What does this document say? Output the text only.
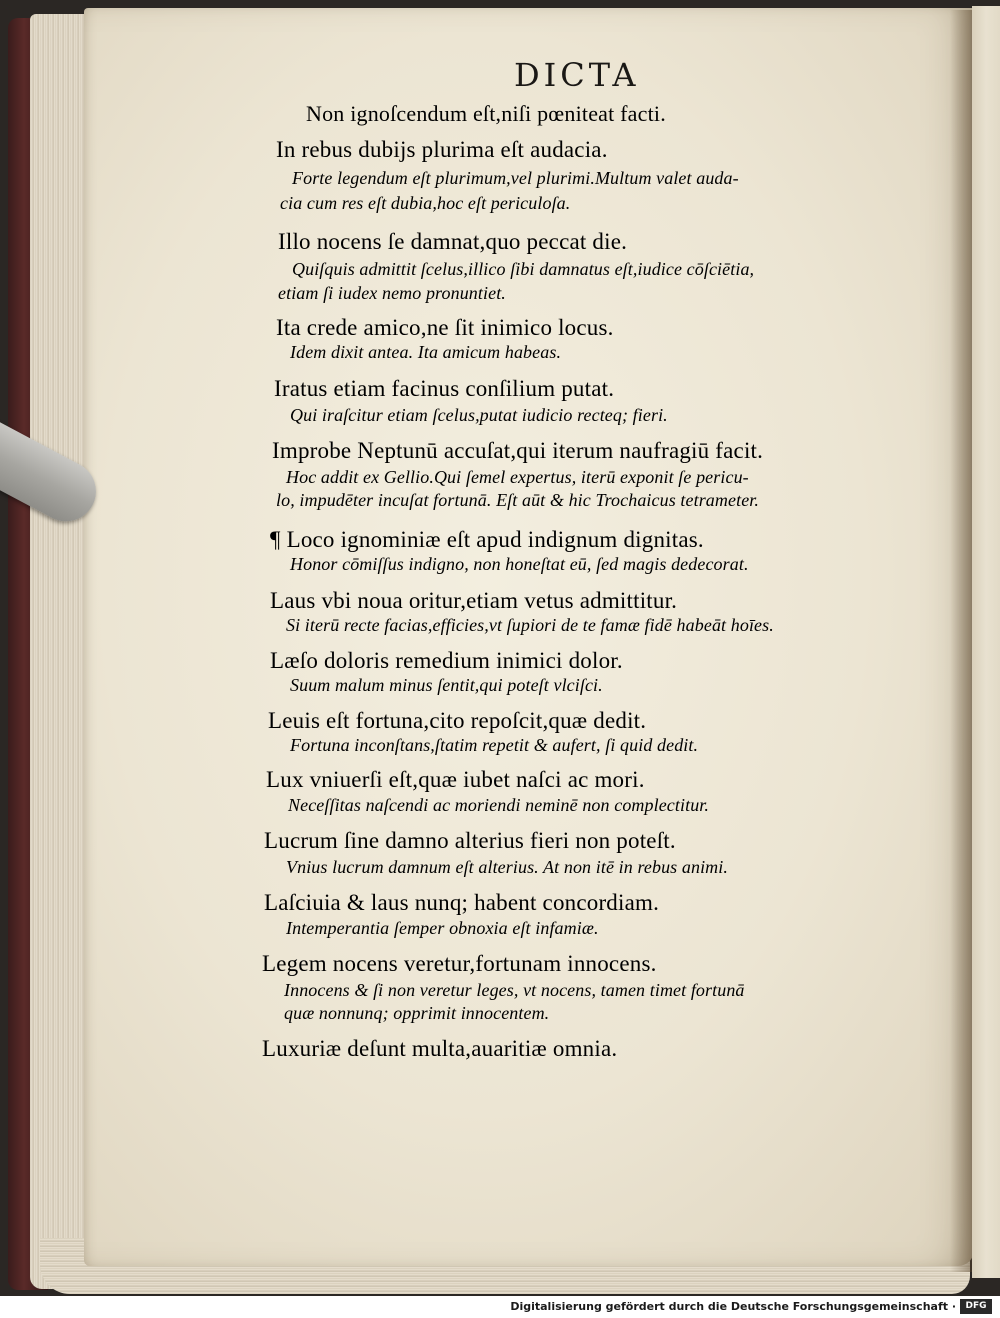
DICTA
Non ignoſcendum eſt,niſi pœniteat facti.
In rebus dubijs plurima eſt audacia.
Forte legendum eſt plurimum,vel plurimi.Multum valet auda-
cia cum res eſt dubia,hoc eſt periculoſa.
Illo nocens ſe damnat,quo peccat die.
Quiſquis admittit ſcelus,illico ſibi damnatus eſt,iudice cōſciētia,
etiam ſi iudex nemo pronuntiet.
Ita crede amico,ne ſit inimico locus.
Idem dixit antea. Ita amicum habeas.
Iratus etiam facinus conſilium putat.
Qui iraſcitur etiam ſcelus,putat iudicio recteq; fieri.
Improbe Neptunū accuſat,qui iterum naufragiū facit.
Hoc addit ex Gellio.Qui ſemel expertus, iterū exponit ſe pericu-
lo, impudēter incuſat fortunā. Eſt aūt & hic Trochaicus tetrameter.
¶ Loco ignominiæ eſt apud indignum dignitas.
Honor cōmiſſus indigno, non honeſtat eū, ſed magis dedecorat.
Laus vbi noua oritur,etiam vetus admittitur.
Si iterū recte facias,efficies,vt ſupiori de te famæ fidē habeāt hoīes.
Læſo doloris remedium inimici dolor.
Suum malum minus ſentit,qui poteſt vlciſci.
Leuis eſt fortuna,cito repoſcit,quæ dedit.
Fortuna inconſtans,ſtatim repetit & aufert, ſi quid dedit.
Lux vniuerſi eſt,quæ iubet naſci ac mori.
Neceſſitas naſcendi ac moriendi neminē non complectitur.
Lucrum ſine damno alterius fieri non poteſt.
Vnius lucrum damnum eſt alterius. At non itē in rebus animi.
Laſciuia & laus nunq; habent concordiam.
Intemperantia ſemper obnoxia eſt infamiæ.
Legem nocens veretur,fortunam innocens.
Innocens & ſi non veretur leges, vt nocens, tamen timet fortunā
quæ nonnunq; opprimit innocentem.
Luxuriæ deſunt multa,auaritiæ omnia.
Digitalisierung gefördert durch die Deutsche Forschungsgemeinschaft ·	DFG
